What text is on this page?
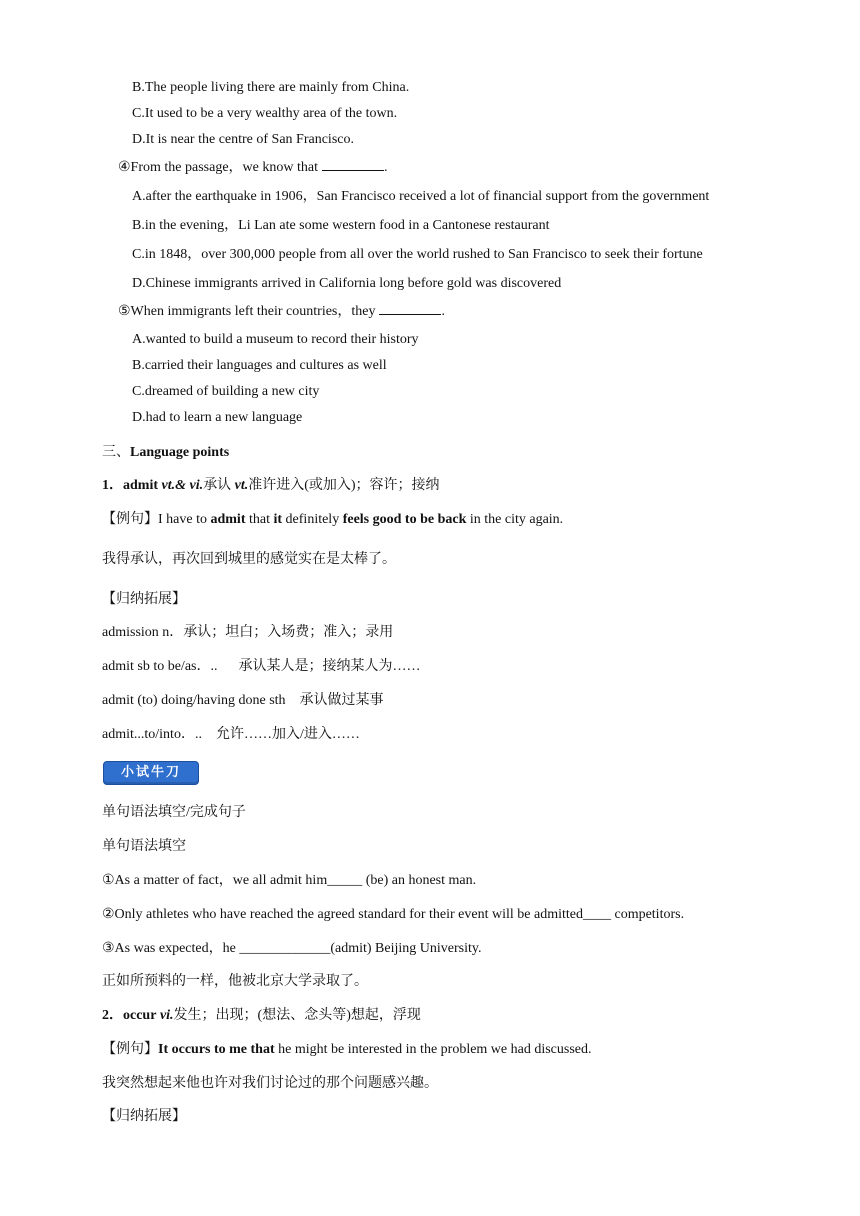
B.The people living there are mainly from China.
C.It used to be a very wealthy area of the town.
D.It is near the centre of San Francisco.
④From the passage，we know that	.
A.after the earthquake in 1906，San Francisco received a lot of financial support from the government
B.in the evening，Li Lan ate some western food in a Cantonese restaurant
C.in 1848，over 300,000 people from all over the world rushed to San Francisco to seek their fortune
D.Chinese immigrants arrived in California long before gold was discovered
⑤When immigrants left their countries，they	.
A.wanted to build a museum to record their history
B.carried their languages and cultures as well
C.dreamed of building a new city
D.had to learn a new language
三、Language points
1．admit vt.& vi.承认 vt.准许进入(或加入)；容许；接纳
【例句】I have to admit that it definitely feels good to be back in the city again.
我得承认，再次回到城里的感觉实在是太棒了。
【归纳拓展】
admission n．承认；坦白；入场费；准入；录用
admit sb to be/as．..      承认某人是；接纳某人为……
admit (to) doing/having done sth    承认做过某事
admit...to/into．..    允许……加入/进入……
小试牛刀
单句语法填空/完成句子
单句语法填空
①As a matter of fact，we all admit him_____ (be) an honest man.
②Only athletes who have reached the agreed standard for their event will be admitted____ competitors.
③As was expected，he _____________(admit) Beijing University.
正如所预料的一样，他被北京大学录取了。
2．occur vi.发生；出现；(想法、念头等)想起，浮现
【例句】It occurs to me that he might be interested in the problem we had discussed.
我突然想起来他也许对我们讨论过的那个问题感兴趣。
【归纳拓展】
